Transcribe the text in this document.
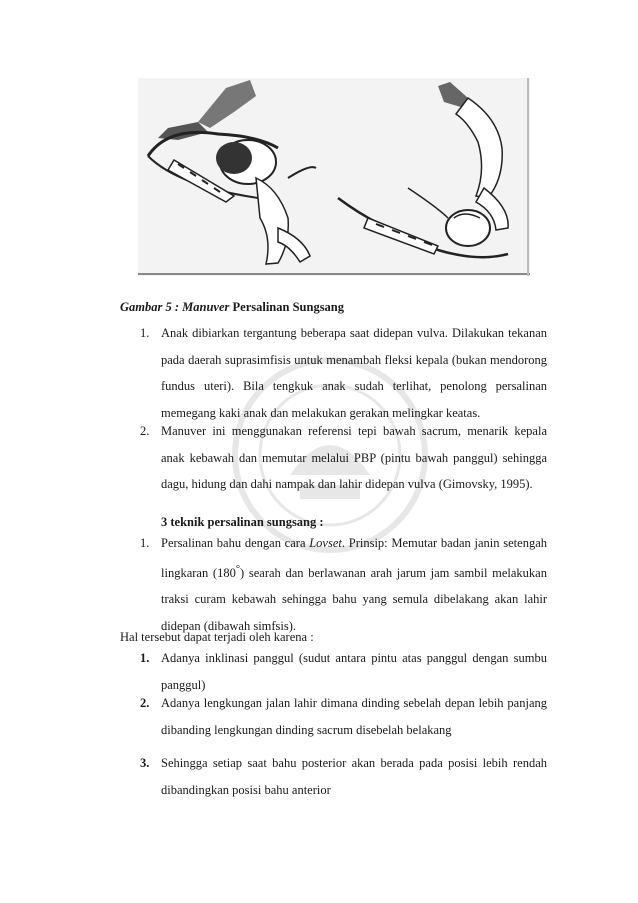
Gambar 5 : Manuver Persalinan Sungsang
1. Anak dibiarkan tergantung beberapa saat didepan vulva. Dilakukan tekanan pada daerah suprasimfisis untuk menambah fleksi kepala (bukan mendorong fundus uteri). Bila tengkuk anak sudah terlihat, penolong persalinan memegang kaki anak dan melakukan gerakan melingkar keatas.
2. Manuver ini menggunakan referensi tepi bawah sacrum, menarik kepala anak kebawah dan memutar melalui PBP (pintu bawah panggul) sehingga dagu, hidung dan dahi nampak dan lahir didepan vulva (Gimovsky, 1995).
3 teknik persalinan sungsang :
1. Persalinan bahu dengan cara Lovset. Prinsip: Memutar badan janin setengah lingkaran (180°) searah dan berlawanan arah jarum jam sambil melakukan traksi curam kebawah sehingga bahu yang semula dibelakang akan lahir didepan (dibawah simfsis).
Hal tersebut dapat terjadi oleh karena :
1. Adanya inklinasi panggul (sudut antara pintu atas panggul dengan sumbu panggul)
2. Adanya lengkungan jalan lahir dimana dinding sebelah depan lebih panjang dibanding lengkungan dinding sacrum disebelah belakang
3. Sehingga setiap saat bahu posterior akan berada pada posisi lebih rendah dibandingkan posisi bahu anterior
